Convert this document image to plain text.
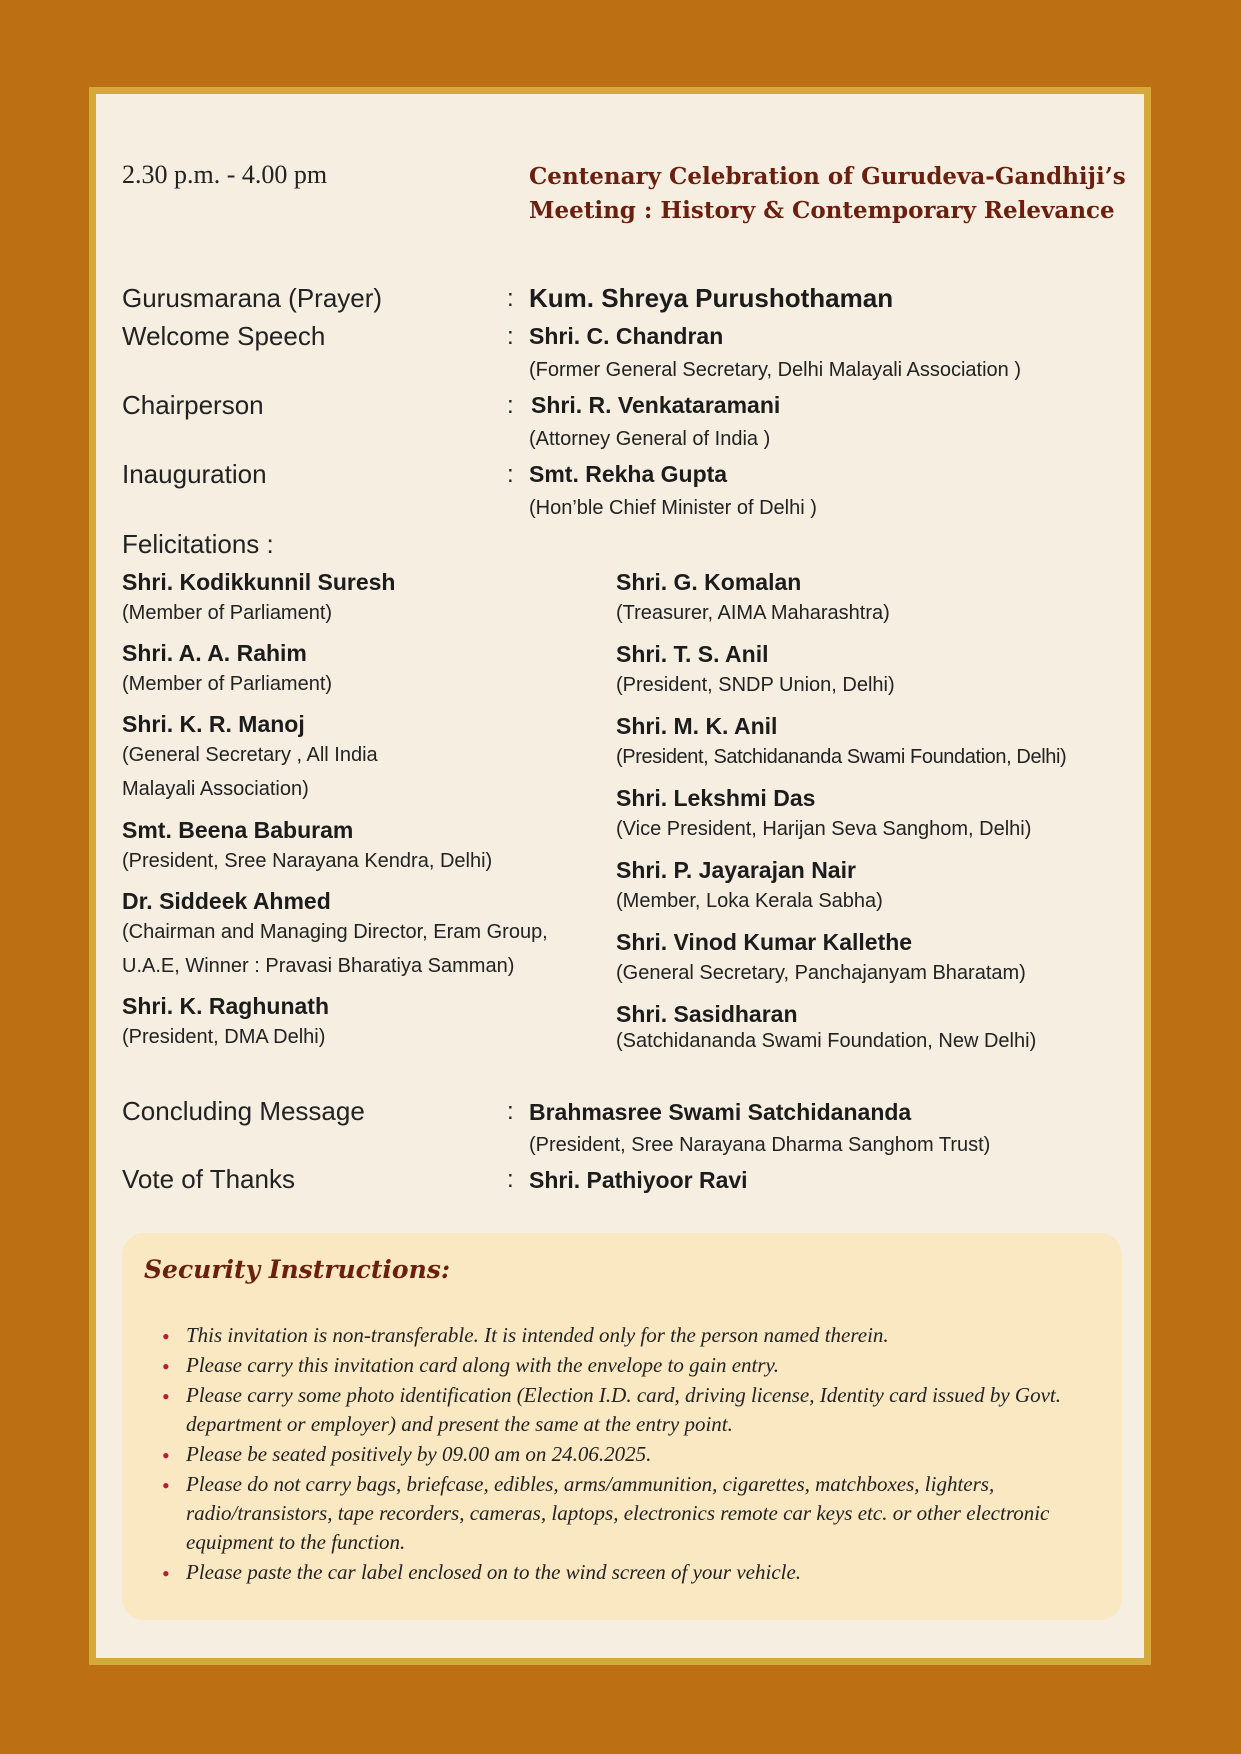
2.30 p.m. - 4.00 pm	Centenary Celebration of Gurudeva-Gandhiji’s Meeting : History & Contemporary Relevance
Gurusmarana (Prayer)	: Kum. Shreya Purushothaman
Welcome Speech	: Shri. C. Chandran
(Former General Secretary, Delhi Malayali Association )
Chairperson	: Shri. R. Venkataramani
(Attorney General of India )
Inauguration	: Smt. Rekha Gupta
(Hon’ble Chief Minister of Delhi )
Felicitations :
Shri. Kodikkunnil Suresh
(Member of Parliament)
Shri. A. A. Rahim
(Member of Parliament)
Shri. K. R. Manoj
(General Secretary , All India
Malayali Association)
Smt. Beena Baburam
(President, Sree Narayana Kendra, Delhi)
Dr. Siddeek Ahmed
(Chairman and Managing Director, Eram Group,
U.A.E, Winner : Pravasi Bharatiya Samman)
Shri. K. Raghunath
(President, DMA Delhi)
Shri. G. Komalan
(Treasurer, AIMA Maharashtra)
Shri. T. S. Anil
(President, SNDP Union, Delhi)
Shri. M. K. Anil
(President, Satchidananda Swami Foundation, Delhi)
Shri. Lekshmi Das
(Vice President, Harijan Seva Sanghom, Delhi)
Shri. P. Jayarajan Nair
(Member, Loka Kerala Sabha)
Shri. Vinod Kumar Kallethe
(General Secretary, Panchajanyam Bharatam)
Shri. Sasidharan
(Satchidananda Swami Foundation, New Delhi)
Concluding Message	: Brahmasree Swami Satchidananda
(President, Sree Narayana Dharma Sanghom Trust)
Vote of Thanks	: Shri. Pathiyoor Ravi
Security Instructions:
• This invitation is non-transferable. It is intended only for the person named therein.
• Please carry this invitation card along with the envelope to gain entry.
• Please carry some photo identification (Election I.D. card, driving license, Identity card issued by Govt. department or employer) and present the same at the entry point.
• Please be seated positively by 09.00 am on 24.06.2025.
• Please do not carry bags, briefcase, edibles, arms/ammunition, cigarettes, matchboxes, lighters, radio/transistors, tape recorders, cameras, laptops, electronics remote car keys etc. or other electronic equipment to the function.
• Please paste the car label enclosed on to the wind screen of your vehicle.
